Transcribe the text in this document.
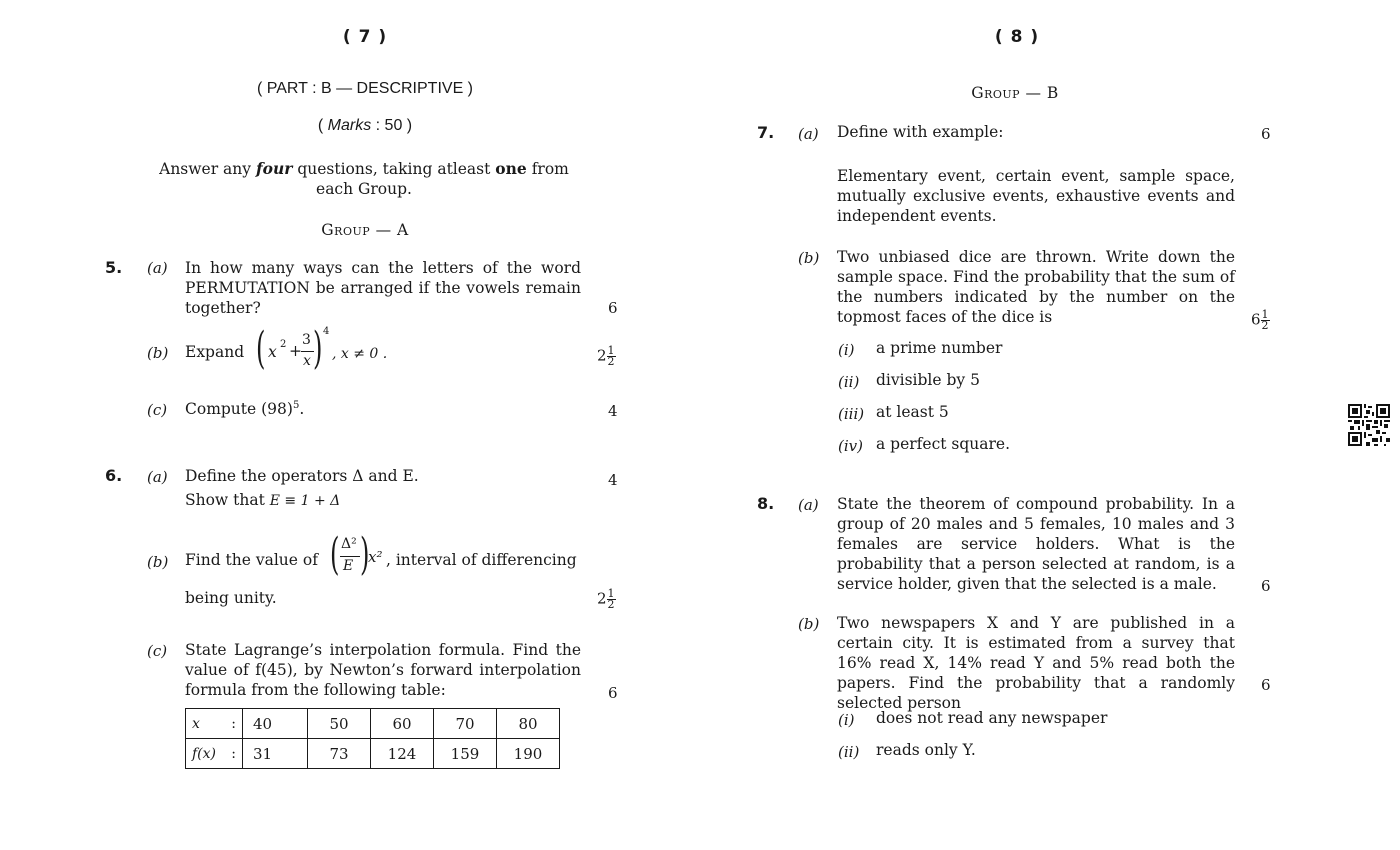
( 7 )
( PART : B — DESCRIPTIVE )
( Marks : 50 )
Answer any four questions, taking atleast one from each Group.
Group — A
5. (a) In how many ways can the letters of the word PERMUTATION be arranged if the vowels remain together?	6
(b) Expand ( x 2 +
3
x ) 4
, x ≠ 0 .	$2 \frac{1}{2}$
(c) Compute $(98)^5$.	4
6. (a) Define the operators Δ and E.
Show that E ≡ 1 + Δ
4
(b) Find the value of ( Δ²
E )
x² , interval of differencing
being unity.	$2 \frac{1}{2}$
(c) State Lagrange’s interpolation formula. Find the value of f(45), by Newton’s forward interpolation formula from the following table:	6
x :	40	50	60	70	80
f(x) :	31	73	124	159	190
( 8 )
Group — B
7. (a) Define with example:	6
Elementary event, certain event, sample space, mutually exclusive events, exhaustive events and independent events.
(b) Two unbiased dice are thrown. Write down the sample space. Find the probability that the sum of the numbers indicated by the number on the topmost faces of the dice is	$6 \frac{1}{2}$
(i) a prime number
(ii) divisible by 5
(iii) at least 5
(iv) a perfect square.
8. (a) State the theorem of compound probability. In a group of 20 males and 5 females, 10 males and 3 females are service holders. What is the probability that a person selected at random, is a service holder, given that the selected is a male.	6
(b) Two newspapers X and Y are published in a certain city. It is estimated from a survey that 16% read X, 14% read Y and 5% read both the papers. Find the probability that a randomly selected person
6
(i) does not read any newspaper
(ii) reads only Y.
